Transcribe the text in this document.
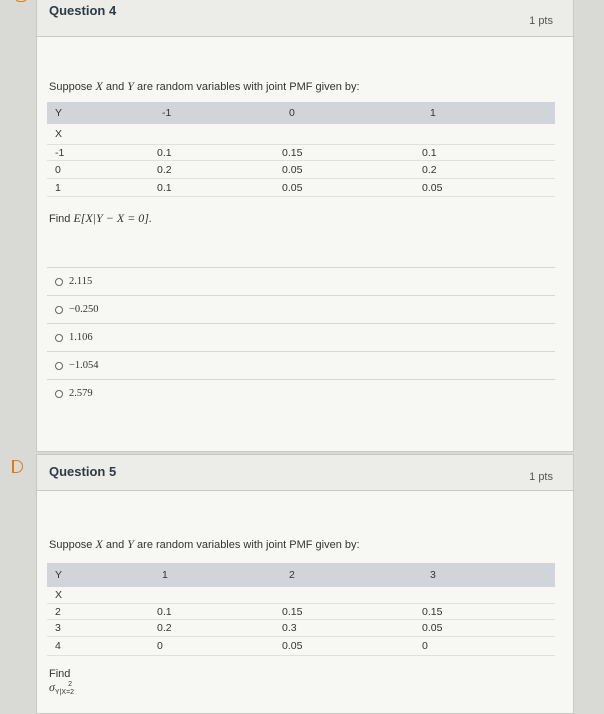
Question 4
1 pts
Suppose X and Y are random variables with joint PMF given by:
Y	-1	0	1
X
-1	0.1	0.15	0.1
0	0.2	0.05	0.2
1	0.1	0.05	0.05
Find E[X|Y − X = 0].
2.115
−0.250
1.106
−1.054
2.579
Question 5	1 pts
Suppose X and Y are random variables with joint PMF given by:
Y	1	2	3
X
2	0.1	0.15	0.15
3	0.2	0.3	0.05
4	0	0.05	0
Find $\sigma_{Y|X=2}^2$
